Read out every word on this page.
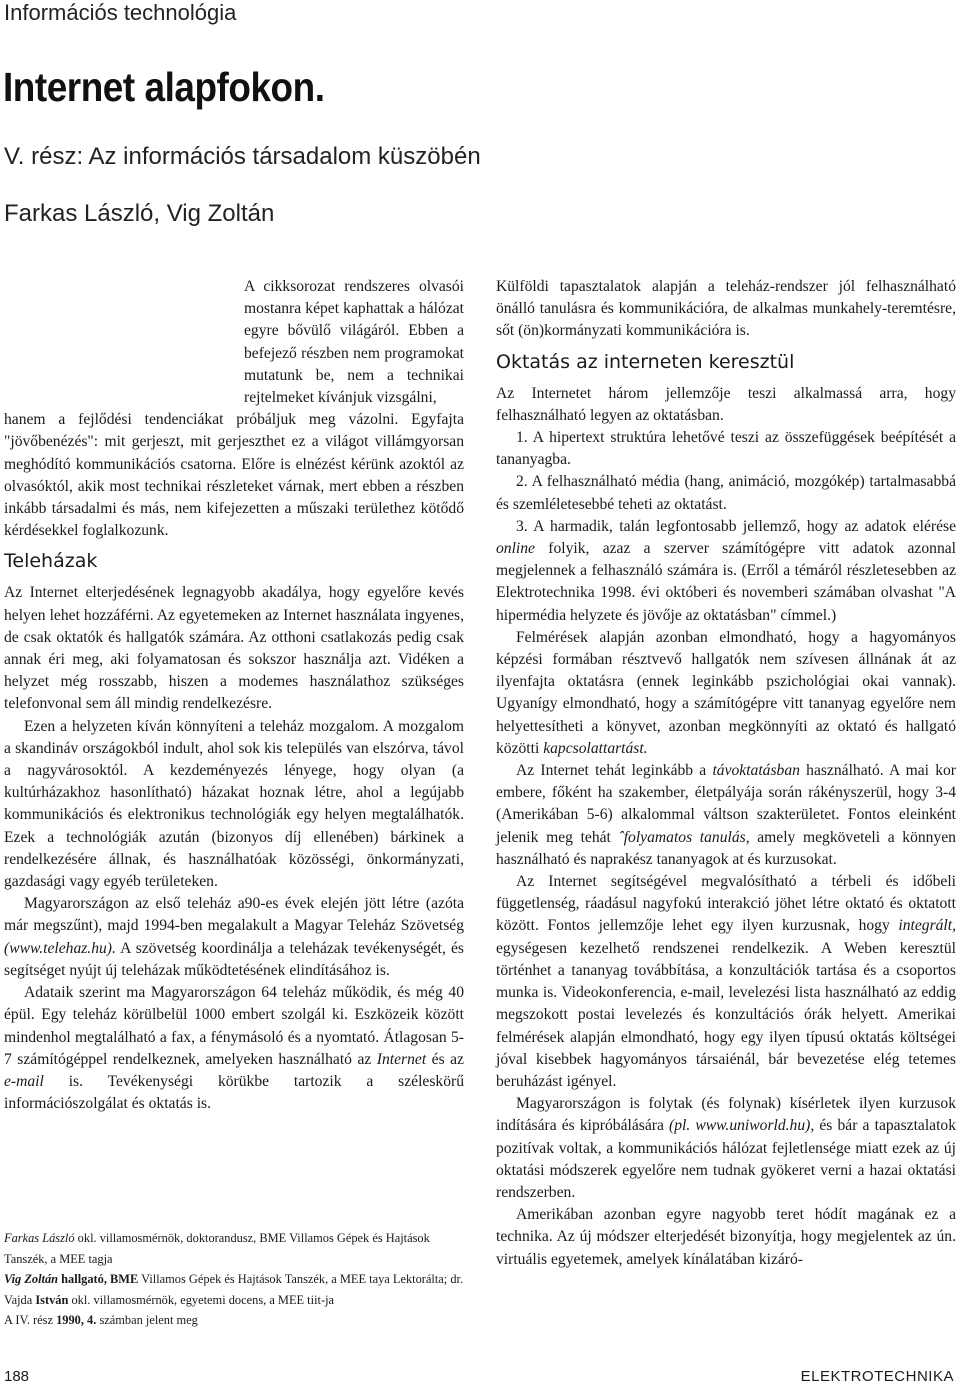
Információs technológia
Internet alapfokon.
V. rész: Az információs társadalom küszöbén
Farkas László, Vig Zoltán

A cikksorozat rendszeres olvasói mostanra képet kaphattak a hálózat egyre bővülő világáról. Ebben a befejező részben nem programokat mutatunk be, nem a technikai rejtelmeket kívánjuk vizsgálni,

hanem a fejlődési tendenciákat próbáljuk meg vázolni. Egyfajta "jövőbenézés": mit gerjeszt, mit gerjeszthet ez a világot villámgyorsan meghódító kommunikációs csatorna. Előre is elnézést kérünk azoktól az olvasóktól, akik most technikai részleteket várnak, mert ebben a részben inkább társadalmi és más, nem kifejezetten a műszaki területhez kötődő kérdésekkel foglalkozunk.

Teleházak

Az Internet elterjedésének legnagyobb akadálya, hogy egyelőre kevés helyen lehet hozzáférni. Az egyetemeken az Internet használata ingyenes, de csak oktatók és hallgatók számára. Az otthoni csatlakozás pedig csak annak éri meg, aki folyamatosan és sokszor használja azt. Vidéken a helyzet még rosszabb, hiszen a modemes használathoz szükséges telefonvonal sem áll mindig rendelkezésre.

Ezen a helyzeten kíván könnyíteni a teleház mozgalom. A mozgalom a skandináv országokból indult, ahol sok kis település van elszórva, távol a nagyvárosoktól. A kezdeményezés lényege, hogy olyan (a kultúrházakhoz hasonlítható) házakat hoznak létre, ahol a legújabb kommunikációs és elektronikus technológiák egy helyen megtalálhatók. Ezek a technológiák azután (bizonyos díj ellenében) bárkinek a rendelkezésére állnak, és használhatóak közösségi, önkormányzati, gazdasági vagy egyéb területeken.

Magyarországon az első teleház a90-es évek elején jött létre (azóta már megszűnt), majd 1994-ben megalakult a Magyar Teleház Szövetség (www.telehaz.hu). A szövetség koordinálja a teleházak tevékenységét, és segítséget nyújt új teleházak működtetésének elindításához is.

Adataik szerint ma Magyarországon 64 teleház működik, és még 40 épül. Egy teleház körülbelül 1000 embert szolgál ki. Eszközeik között mindenhol megtalálható a fax, a fénymásoló és a nyomtató. Átlagosan 5-7 számítógéppel rendelkeznek, amelyeken használható az Internet és az e-mail is. Tevékenységi körükbe tartozik a széleskörű információszolgálat és oktatás is.

Farkas László okl. villamosmérnök, doktorandusz, BME Villamos Gépek és Hajtások Tanszék, a MEE tagja

Vig Zoltán hallgató, BME Villamos Gépek és Hajtások Tanszék, a MEE taya Lektorálta; dr. Vajda István okl. villamosmérnök, egyetemi docens, a MEE tiit-ja

A IV. rész 1990, 4. számban jelent meg

Külföldi tapasztalatok alapján a teleház-rendszer jól felhasználható önálló tanulásra és kommunikációra, de alkalmas munkahely-teremtésre, sőt (ön)kormányzati kommunikációra is.

Oktatás az interneten keresztül

Az Internetet három jellemzője teszi alkalmassá arra, hogy felhasználható legyen az oktatásban.

1. A hipertext struktúra lehetővé teszi az összefüggések beépítését a tananyagba.

2. A felhasználható média (hang, animáció, mozgókép) tartalmasabbá és szemléletesebbé teheti az oktatást.

3. A harmadik, talán legfontosabb jellemző, hogy az adatok elérése online folyik, azaz a szerver számítógépre vitt adatok azonnal megjelennek a felhasználó számára is. (Erről a témáról részletesebben az Elektrotechnika 1998. évi októberi és novemberi számában olvashat "A hipermédia helyzete és jövője az oktatásban" címmel.)

Felmérések alapján azonban elmondható, hogy a hagyományos képzési formában résztvevő hallgatók nem szívesen állnának át az ilyenfajta oktatásra (ennek leginkább pszichológiai okai vannak). Ugyanígy elmondható, hogy a számítógépre vitt tananyag egyelőre nem helyettesítheti a könyvet, azonban megkönnyíti az oktató és hallgató közötti kapcsolattartást.

Az Internet tehát leginkább a távoktatásban használható. A mai kor embere, főként ha szakember, életpályája során rákényszerül, hogy 3-4 (Amerikában 5-6) alkalommal váltson szakterületet. Fontos eleinként jelenik meg tehát ˆfolyamatos tanulás, amely megköveteli a könnyen használható és naprakész tananyagok at és kurzusokat.

Az Internet segítségével megvalósítható a térbeli és időbeli függetlenség, ráadásul nagyfokú interakció jöhet létre oktató és oktatott között. Fontos jellemzője lehet egy ilyen kurzusnak, hogy integrált, egységesen kezelhető rendszenei rendelkezik. A Weben keresztül történhet a tananyag továbbítása, a konzultációk tartása és a csoportos munka is. Videokonferencia, e-mail, levelezési lista használható az eddig megszokott postai levelezés és konzultációs órák helyett. Amerikai felmérések alapján elmondható, hogy egy ilyen típusú oktatás költségei jóval kisebbek hagyományos társaiénál, bár bevezetése elég tetemes beruházást igényel.

Magyarországon is folytak (és folynak) kísérletek ilyen kurzusok indítására és kipróbálására (pl. www.uniworld.hu), és bár a tapasztalatok pozitívak voltak, a kommunikációs hálózat fejletlensége miatt ezek az új oktatási módszerek egyelőre nem tudnak gyökeret verni a hazai oktatási rendszerben.

Amerikában azonban egyre nagyobb teret hódít magának ez a technika. Az új módszer elterjedését bizonyítja, hogy megjelentek az ún. virtuális egyetemek, amelyek kínálatában kizáró-

188	ELEKTROTECHNIKA
